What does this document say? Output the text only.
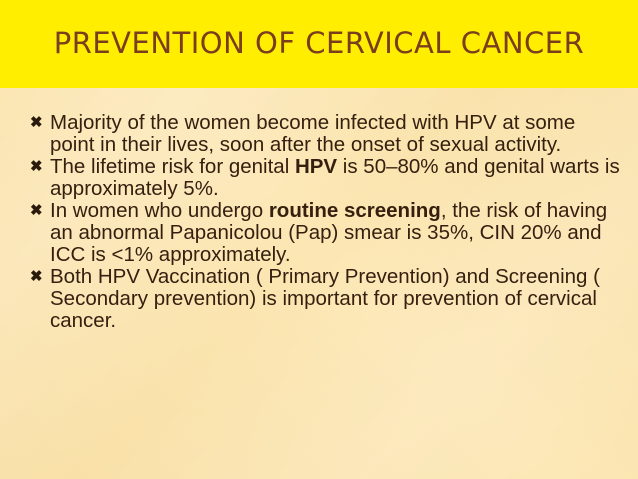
PREVENTION OF CERVICAL CANCER
✖ Majority of the women become infected with HPV at some point in their lives, soon after the onset of sexual activity.
✖ The lifetime risk for genital HPV is 50–80% and genital warts is approximately 5%.
✖ In women who undergo routine screening, the risk of having an abnormal Papanicolou (Pap) smear is 35%, CIN 20% and ICC is <1% approximately.
✖ Both HPV Vaccination ( Primary Prevention) and Screening ( Secondary prevention) is important for prevention of cervical cancer.
